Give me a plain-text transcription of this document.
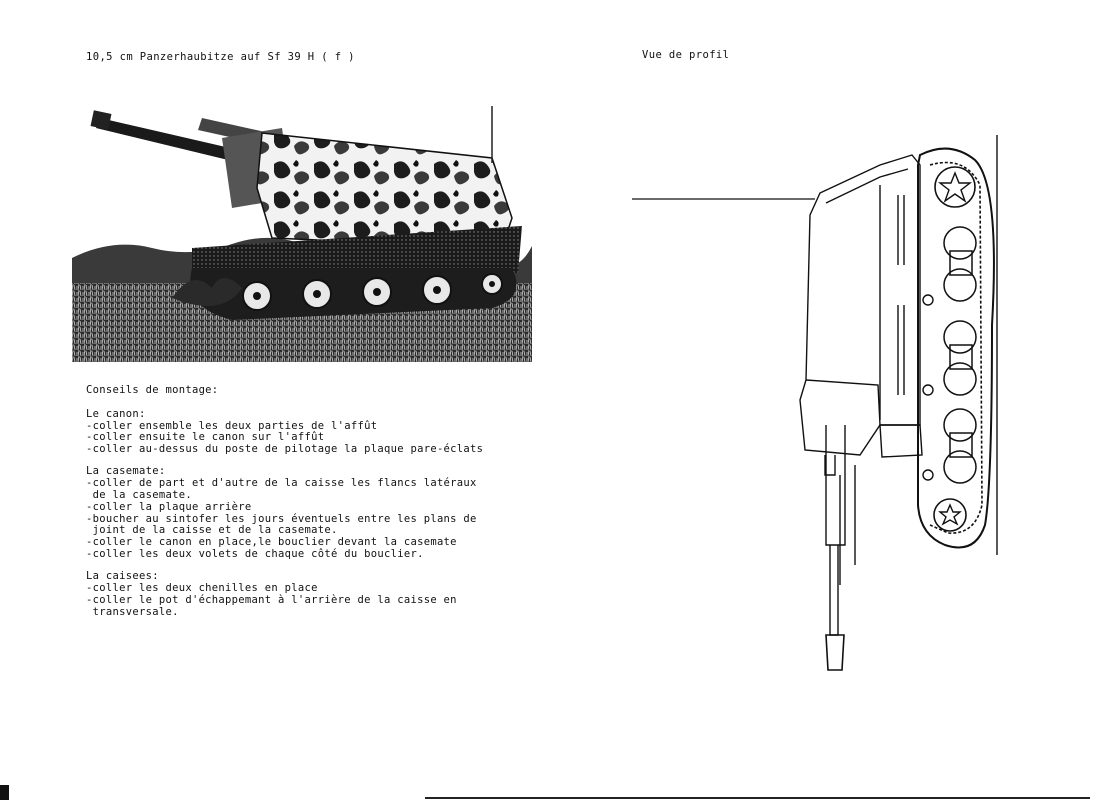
10,5 cm Panzerhaubitze auf Sf 39 H ( f )	Vue de profil
Conseils de montage:
Le canon:
-coller ensemble les deux parties de l'affût
-coller ensuite le canon sur l'affût
-coller au-dessus du poste de pilotage la plaque pare-éclats
La casemate:
-coller de part et d'autre de la caisse les flancs latéraux
de la casemate.
-coller la plaque arrière
-boucher au sintofer les jours éventuels entre les plans de
joint de la caisse et de la casemate.
-coller le canon en place,le bouclier devant la casemate
-coller les deux volets de chaque côté du bouclier.
La caisees:
-coller les deux chenilles en place
-coller le pot d'échappemant à l'arrière de la caisse en
transversale.
